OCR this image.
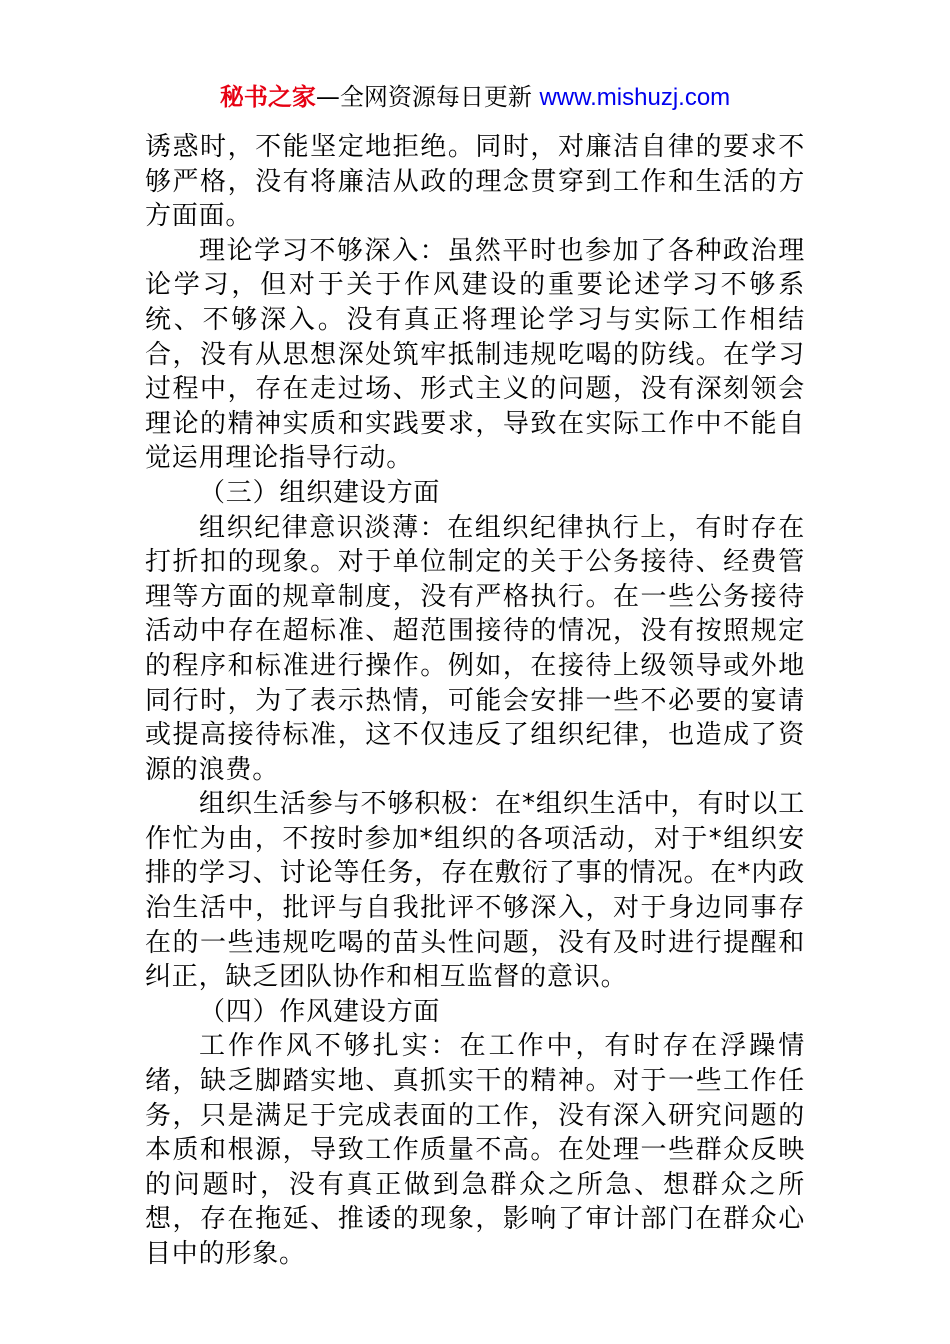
秘书之家—全网资源每日更新 www.mishuzj.com

诱惑时，不能坚定地拒绝。同时，对廉洁自律的要求不够严格，没有将廉洁从政的理念贯穿到工作和生活的方方面面。

理论学习不够深入：虽然平时也参加了各种政治理论学习，但对于关于作风建设的重要论述学习不够系统、不够深入。没有真正将理论学习与实际工作相结合，没有从思想深处筑牢抵制违规吃喝的防线。在学习过程中，存在走过场、形式主义的问题，没有深刻领会理论的精神实质和实践要求，导致在实际工作中不能自觉运用理论指导行动。

（三）组织建设方面

组织纪律意识淡薄：在组织纪律执行上，有时存在打折扣的现象。对于单位制定的关于公务接待、经费管理等方面的规章制度，没有严格执行。在一些公务接待活动中存在超标准、超范围接待的情况，没有按照规定的程序和标准进行操作。例如，在接待上级领导或外地同行时，为了表示热情，可能会安排一些不必要的宴请或提高接待标准，这不仅违反了组织纪律，也造成了资源的浪费。

组织生活参与不够积极：在*组织生活中，有时以工作忙为由，不按时参加*组织的各项活动，对于*组织安排的学习、讨论等任务，存在敷衍了事的情况。在*内政治生活中，批评与自我批评不够深入，对于身边同事存在的一些违规吃喝的苗头性问题，没有及时进行提醒和纠正，缺乏团队协作和相互监督的意识。

（四）作风建设方面

工作作风不够扎实：在工作中，有时存在浮躁情绪，缺乏脚踏实地、真抓实干的精神。对于一些工作任务，只是满足于完成表面的工作，没有深入研究问题的本质和根源，导致工作质量不高。在处理一些群众反映的问题时，没有真正做到急群众之所急、想群众之所想，存在拖延、推诿的现象，影响了审计部门在群众心目中的形象。
